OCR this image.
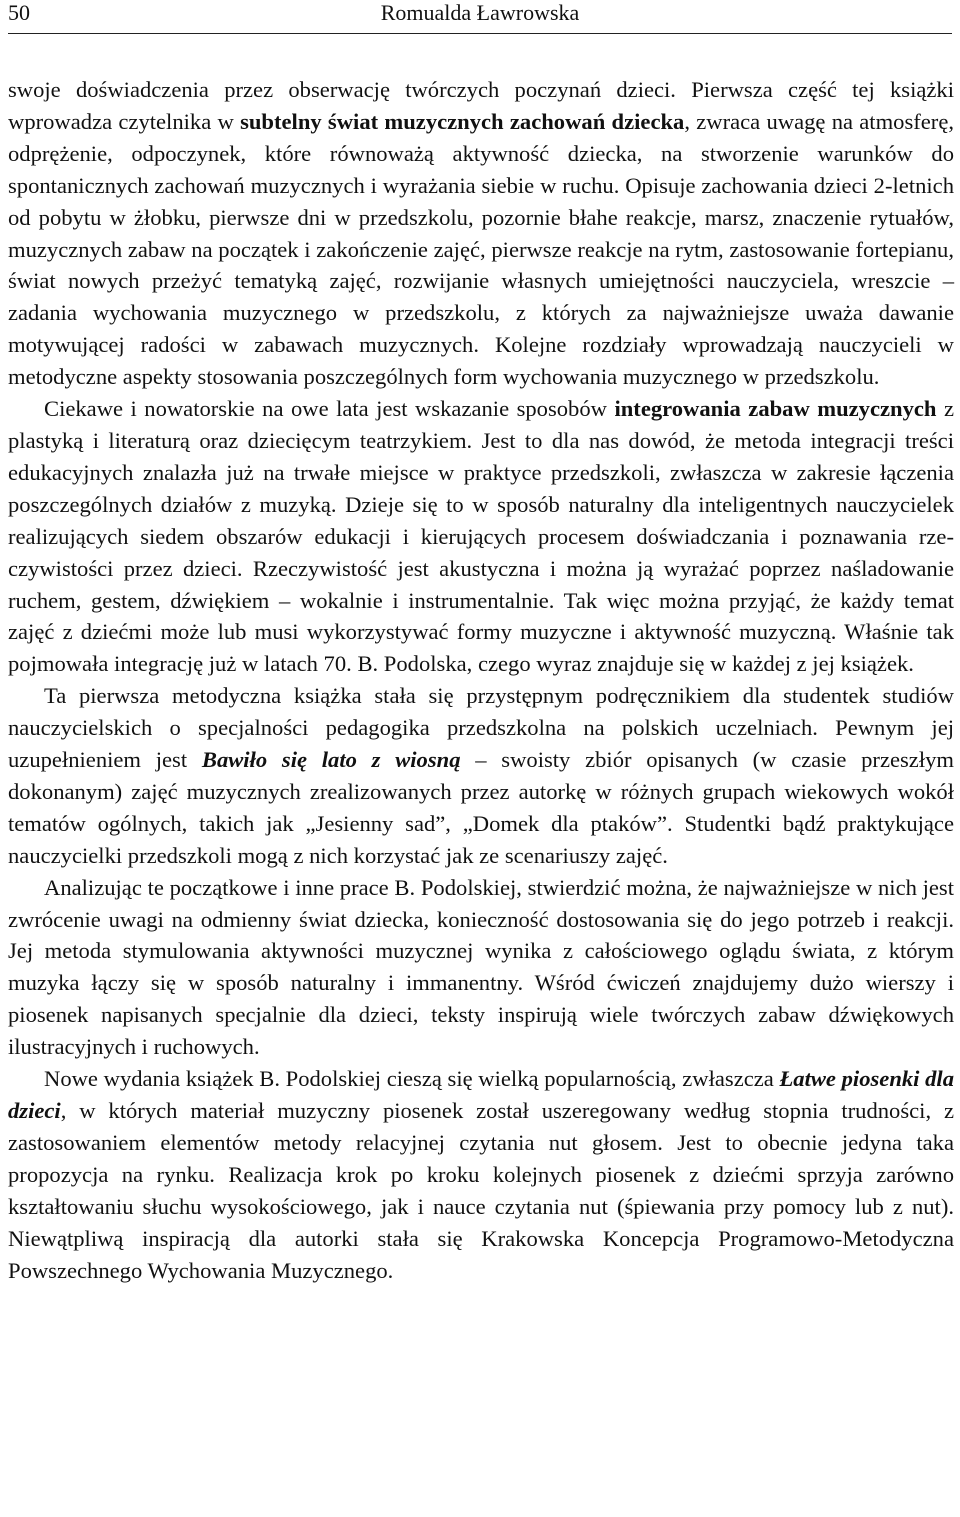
50	Romualda Ławrowska

swoje doświadczenia przez obserwację twórczych poczynań dzieci. Pierwsza część tej książki wprowadza czytelnika w subtelny świat muzycznych zachowań dziecka, zwraca uwagę na atmosferę, odprężenie, odpoczynek, które równoważą aktywność dziecka, na stworzenie warunków do spontanicznych zachowań muzycznych i wyrażania siebie w ruchu. Opisuje zachowania dzieci 2-letnich od pobytu w żłobku, pierwsze dni w przedszkolu, pozornie błahe reakcje, marsz, znaczenie rytuałów, muzycznych zabaw na początek i zakończenie zajęć, pierwsze reakcje na rytm, zastosowanie fortepianu, świat nowych przeżyć tematyką zajęć, rozwijanie własnych umiejętności nauczyciela, wreszcie – zadania wychowania muzycznego w przedszkolu, z których za najważniejsze uważa dawanie motywującej radości w zabawach muzycznych. Kolejne rozdziały wprowadzają nauczycieli w metodyczne aspekty stosowania poszczególnych form wychowania muzycznego w przedszkolu.

Ciekawe i nowatorskie na owe lata jest wskazanie sposobów integrowania zabaw muzycznych z plastyką i literaturą oraz dziecięcym teatrzykiem. Jest to dla nas dowód, że metoda integracji treści edukacyjnych znalazła już na trwałe miejsce w praktyce przedszkoli, zwłaszcza w zakresie łączenia poszczególnych działów z muzyką. Dzieje się to w sposób naturalny dla inteligentnych nauczycielek realizujących siedem obszarów edukacji i kierujących procesem doświadczania i poznawania rzeczywistości przez dzieci. Rzeczywistość jest akustyczna i można ją wyrażać poprzez naśladowanie ruchem, gestem, dźwiękiem – wokalnie i instrumentalnie. Tak więc można przyjąć, że każdy temat zajęć z dziećmi może lub musi wykorzystywać formy muzyczne i aktywność muzyczną. Właśnie tak pojmowała integrację już w latach 70. B. Podolska, czego wyraz znajduje się w każdej z jej książek.

Ta pierwsza metodyczna książka stała się przystępnym podręcznikiem dla studentek studiów nauczycielskich o specjalności pedagogika przedszkolna na polskich uczelniach. Pewnym jej uzupełnieniem jest Bawiło się lato z wiosną – swoisty zbiór opisanych (w czasie przeszłym dokonanym) zajęć muzycznych zrealizowanych przez autorkę w różnych grupach wiekowych wokół tematów ogólnych, takich jak „Jesienny sad”, „Domek dla ptaków”. Studentki bądź praktykujące nauczycielki przedszkoli mogą z nich korzystać jak ze scenariuszy zajęć.

Analizując te początkowe i inne prace B. Podolskiej, stwierdzić można, że najważniejsze w nich jest zwrócenie uwagi na odmienny świat dziecka, konieczność dostosowania się do jego potrzeb i reakcji. Jej metoda stymulowania aktywności muzycznej wynika z całościowego oglądu świata, z którym muzyka łączy się w sposób naturalny i immanentny. Wśród ćwiczeń znajdujemy dużo wierszy i piosenek napisanych specjalnie dla dzieci, teksty inspirują wiele twórczych zabaw dźwiękowych ilustracyjnych i ruchowych.

Nowe wydania książek B. Podolskiej cieszą się wielką popularnością, zwłaszcza Łatwe piosenki dla dzieci, w których materiał muzyczny piosenek został uszeregowany według stopnia trudności, z zastosowaniem elementów metody relacyjnej czytania nut głosem. Jest to obecnie jedyna taka propozycja na rynku. Realizacja krok po kroku kolejnych piosenek z dziećmi sprzyja zarówno kształtowaniu słuchu wysokościowego, jak i nauce czytania nut (śpiewania przy pomocy lub z nut). Niewątpliwą inspiracją dla autorki stała się Krakowska Koncepcja Programowo-Metodyczna Powszechnego Wychowania Muzycznego.
